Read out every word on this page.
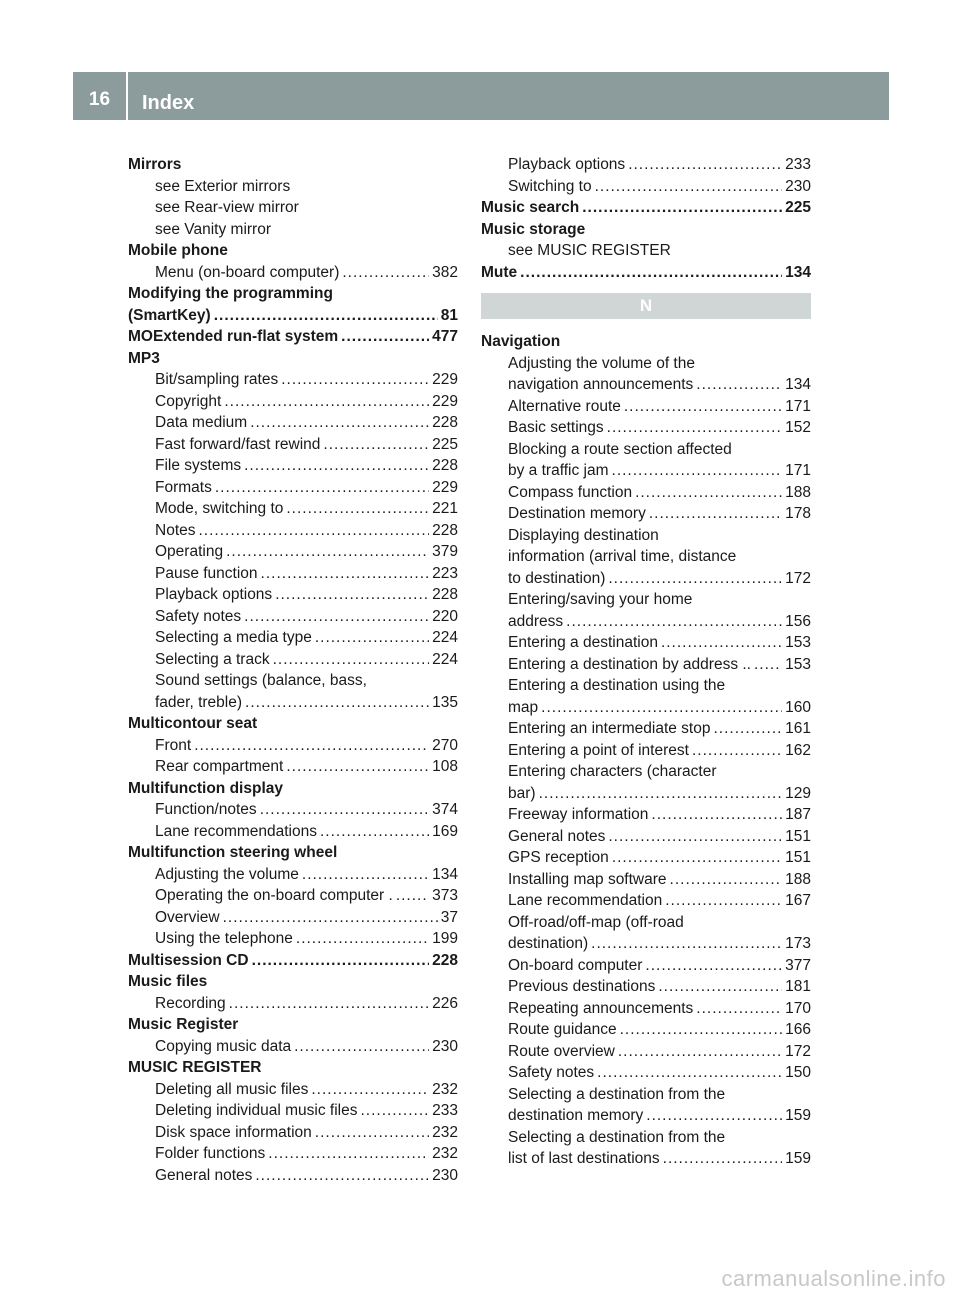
16	Index
Mirrors
see Exterior mirrors
see Rear-view mirror
see Vanity mirror
Mobile phone
Menu (on-board computer) .....	382
Modifying the programming
(SmartKey) .....	81
MOExtended run-flat system .....	477
MP3
Bit/sampling rates .....	229
Copyright .....	229
Data medium .....	228
Fast forward/fast rewind .....	225
File systems .....	228
Formats .....	229
Mode, switching to .....	221
Notes .....	228
Operating .....	379
Pause function .....	223
Playback options .....	228
Safety notes .....	220
Selecting a media type .....	224
Selecting a track .....	224
Sound settings (balance, bass,
fader, treble) .....	135
Multicontour seat
Front .....	270
Rear compartment .....	108
Multifunction display
Function/notes .....	374
Lane recommendations .....	169
Multifunction steering wheel
Adjusting the volume .....	134
Operating the on-board computer . .....	373
Overview .....	37
Using the telephone .....	199
Multisession CD .....	228
Music files
Recording .....	226
Music Register
Copying music data .....	230
MUSIC REGISTER
Deleting all music files .....	232
Deleting individual music files .....	233
Disk space information .....	232
Folder functions .....	232
General notes .....	230
Playback options .....	233
Switching to .....	230
Music search .....	225
Music storage
see MUSIC REGISTER
Mute .....	134
N
Navigation
Adjusting the volume of the
navigation announcements .....	134
Alternative route .....	171
Basic settings .....	152
Blocking a route section affected
by a traffic jam .....	171
Compass function .....	188
Destination memory .....	178
Displaying destination
information (arrival time, distance
to destination) .....	172
Entering/saving your home
address .....	156
Entering a destination .....	153
Entering a destination by address .. ..... 153
Entering a destination using the
map .....	160
Entering an intermediate stop .....	161
Entering a point of interest .....	162
Entering characters (character
bar) .....	129
Freeway information .....	187
General notes .....	151
GPS reception .....	151
Installing map software .....	188
Lane recommendation .....	167
Off-road/off-map (off-road
destination) .....	173
On-board computer .....	377
Previous destinations .....	181
Repeating announcements .....	170
Route guidance .....	166
Route overview .....	172
Safety notes .....	150
Selecting a destination from the
destination memory .....	159
Selecting a destination from the
list of last destinations .....	159
carmanualsonline.info
